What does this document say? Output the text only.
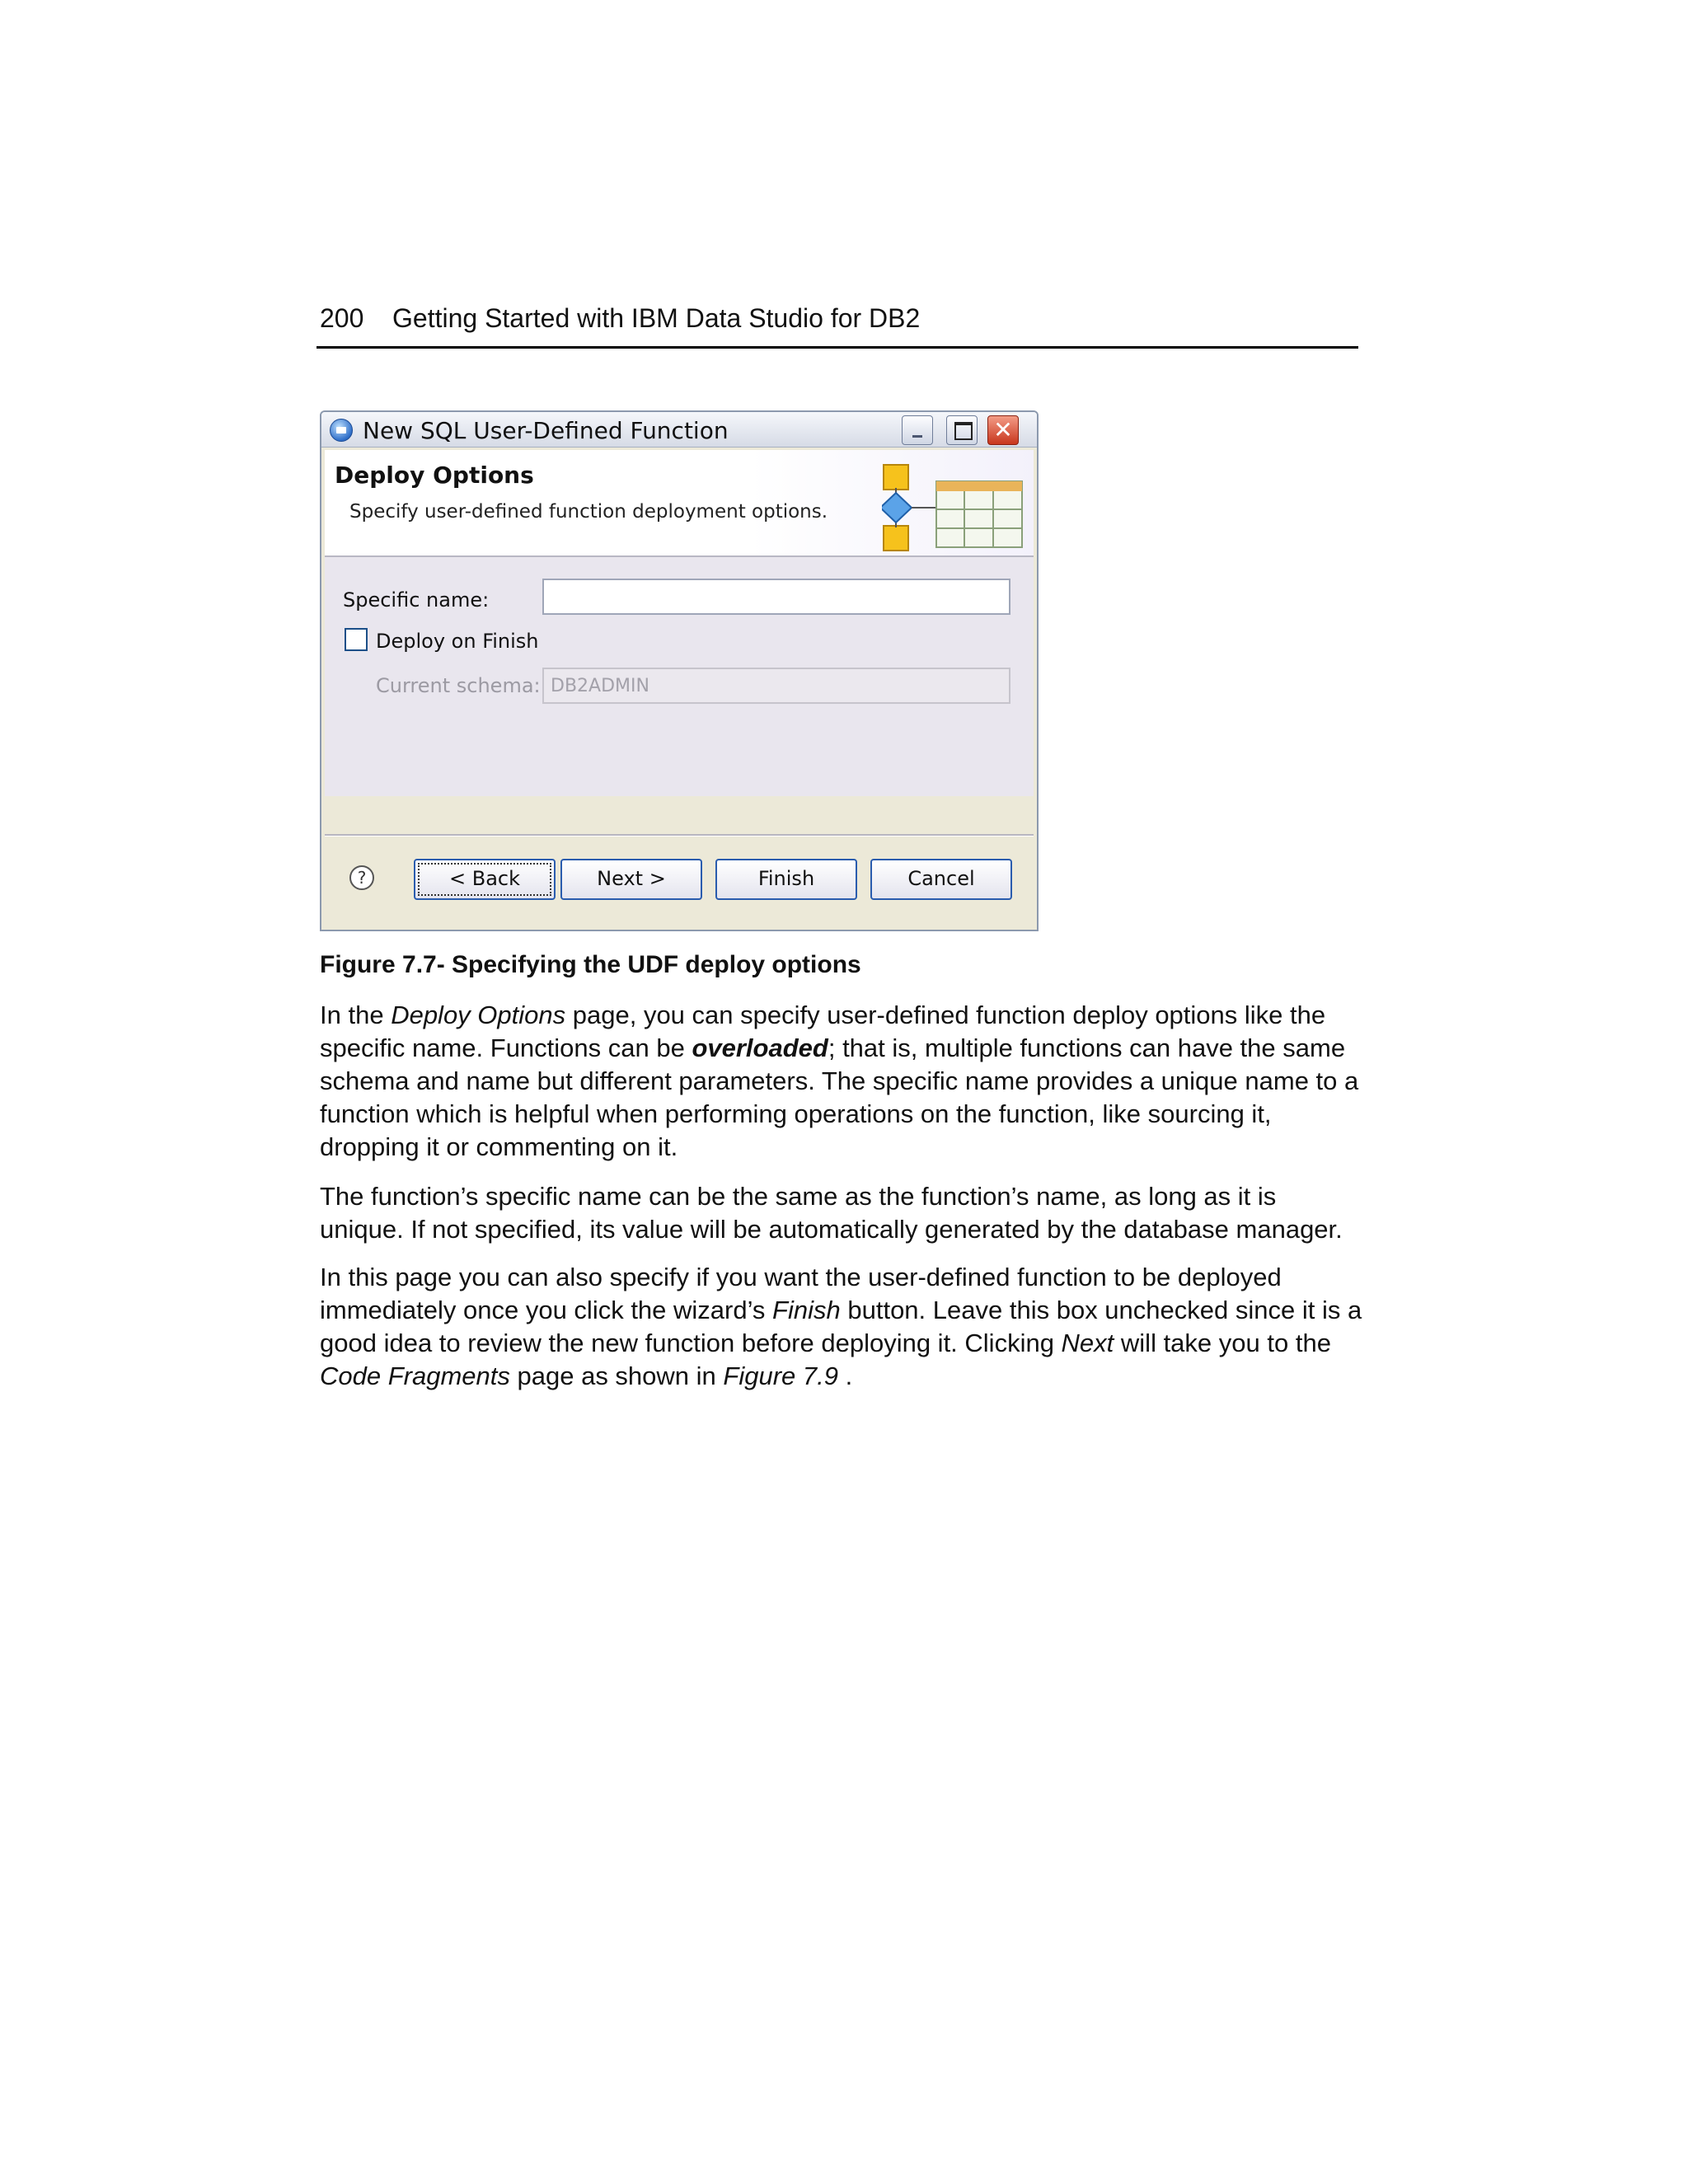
200 Getting Started with IBM Data Studio for DB2
New SQL User-Defined Function	✕
Deploy Options
Specify user-defined function deployment options.
Specific name:
Deploy on Finish
Current schema: DB2ADMIN
?	< Back	Next >	Finish	Cancel
Figure 7.7- Specifying the UDF deploy options

In the Deploy Options page, you can specify user-defined function deploy options like the specific name. Functions can be overloaded; that is, multiple functions can have the same schema and name but different parameters. The specific name provides a unique name to a function which is helpful when performing operations on the function, like sourcing it, dropping it or commenting on it.

The function’s specific name can be the same as the function’s name, as long as it is unique. If not specified, its value will be automatically generated by the database manager.

In this page you can also specify if you want the user-defined function to be deployed immediately once you click the wizard’s Finish button. Leave this box unchecked since it is a good idea to review the new function before deploying it. Clicking Next will take you to the Code Fragments page as shown in Figure 7.9 .
